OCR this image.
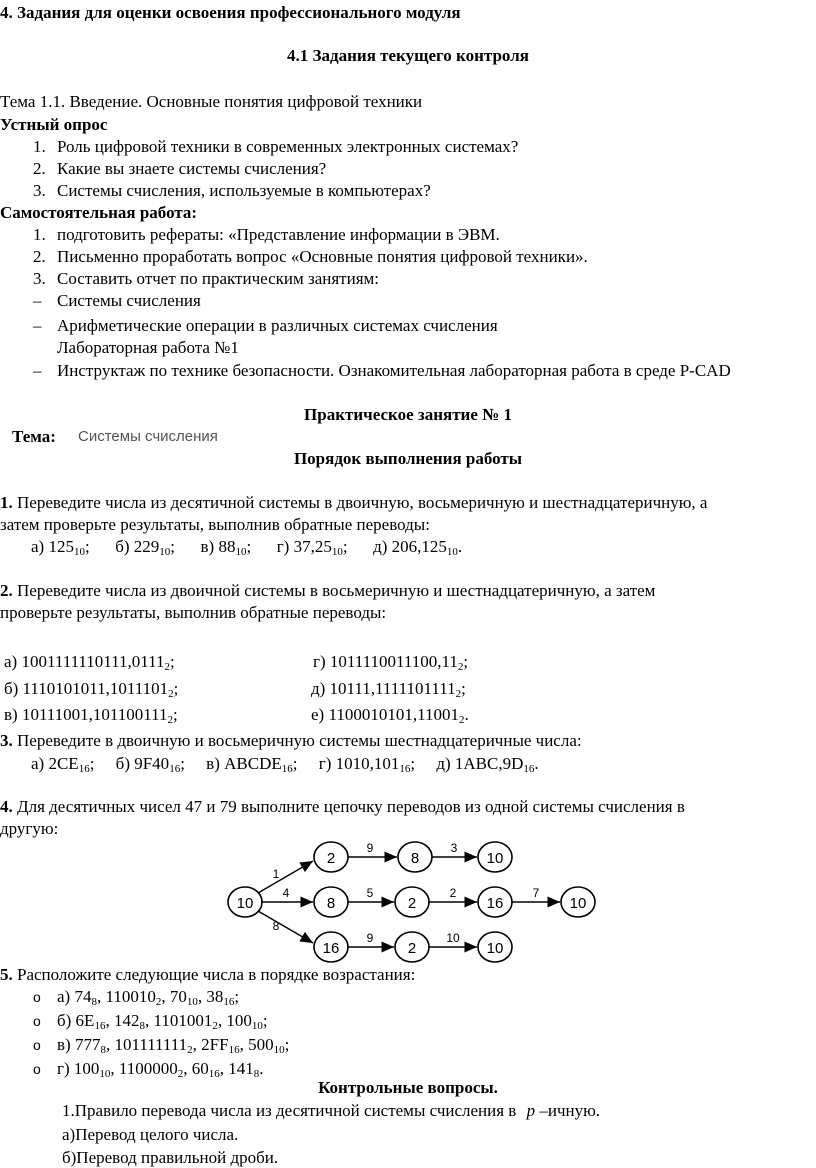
4. Задания для оценки освоения профессионального модуля
4.1 Задания текущего контроля
Тема 1.1. Введение. Основные понятия цифровой техники
Устный опрос
1. Роль цифровой техники в современных электронных системах?
2. Какие вы знаете системы счисления?
3. Системы счисления, используемые в компьютерах?
Самостоятельная работа:
1. подготовить рефераты: «Представление информации в ЭВМ.
2. Письменно проработать вопрос «Основные понятия цифровой техники».
3. Составить отчет по практическим занятиям:
– Системы счисления
– Арифметические операции в различных системах счисления
Лабораторная работа №1
– Инструктаж по технике безопасности. Ознакомительная лабораторная работа в среде P-CAD
Практическое занятие № 1
Тема: Системы счисления
Порядок выполнения работы
1. Переведите числа из десятичной системы в двоичную, восьмеричную и шестнадцатеричную, а
затем проверьте результаты, выполнив обратные переводы:
а) $125_{10}$; б) $229_{10}$; в) $88_{10}$; г) $37,25_{10}$; д) $206,125_{10}$.
2. Переведите числа из двоичной системы в восьмеричную и шестнадцатеричную, а затем
проверьте результаты, выполнив обратные переводы:
а) $1001111110111,0111_2$;	г) $1011110011100,11_2$;
б) $1110101011,1011101_2$;	д) $10111,1111101111_2$;
в) $10111001,101100111_2$;	е) $1100010101,11001_2$.
3. Переведите в двоичную и восьмеричную системы шестнадцатеричные числа:
а) $2CE_{16}$; б) $9F40_{16}$; в) $ABCDE_{16}$; г) $1010,101_{16}$; д) $1ABC,9D_{16}$.
4. Для десятичных чисел 47 и 79 выполните цепочку переводов из одной системы счисления в
другую:
10
2	8	10
8	2	16	10
16	2	10
1
9	3
4	5	2	7
8
9	10
5. Расположите следующие числа в порядке возрастания:
o а) $74_8$, $110010_2$, $70_{10}$, $38_{16}$;
o б) $6E_{16}$, $142_8$, $1101001_2$, $100_{10}$;
o в) $777_8$, $101111111_2$, $2FF_{16}$, $500_{10}$;
o г) $100_{10}$, $1100000_2$, $60_{16}$, $141_8$.
Контрольные вопросы.
1.Правило перевода числа из десятичной системы счисления в p –ичную.
а)Перевод целого числа.
б)Перевод правильной дроби.
